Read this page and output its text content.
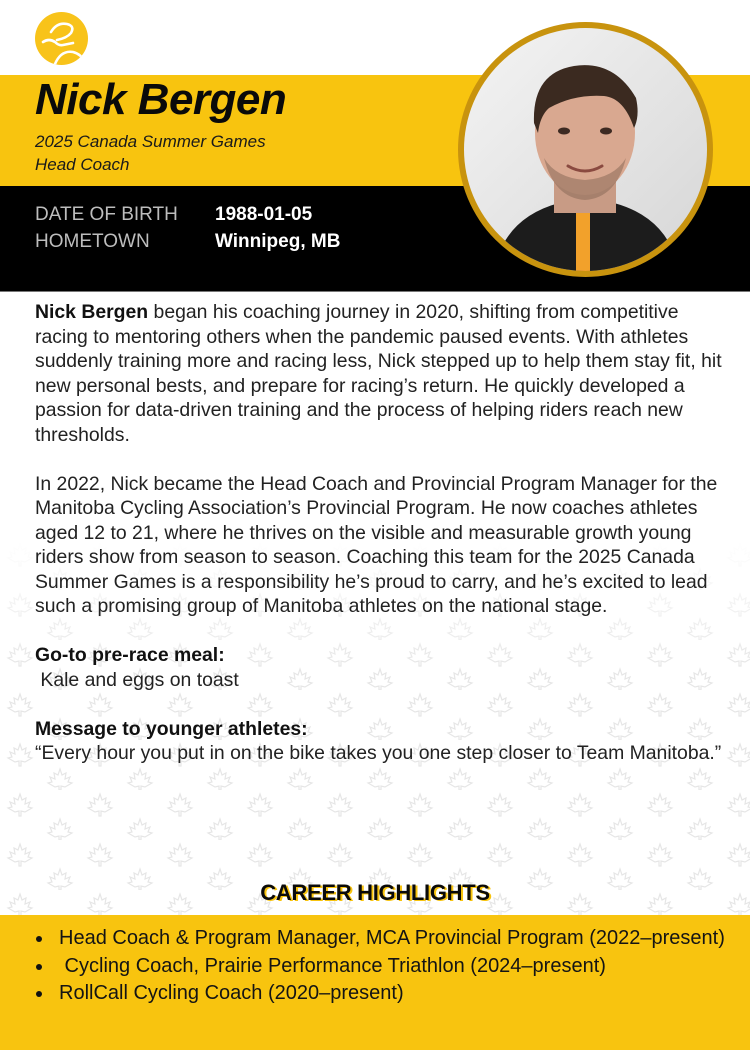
Nick Bergen
2025 Canada Summer Games
Head Coach
DATE OF BIRTH	1988-01-05
HOMETOWN	Winnipeg, MB

Nick Bergen began his coaching journey in 2020, shifting from competitive racing to mentoring others when the pandemic paused events. With athletes suddenly training more and racing less, Nick stepped up to help them stay fit, hit new personal bests, and prepare for racing’s return. He quickly developed a passion for data-driven training and the process of helping riders reach new thresholds.

In 2022, Nick became the Head Coach and Provincial Program Manager for the Manitoba Cycling Association’s Provincial Program. He now coaches athletes aged 12 to 21, where he thrives on the visible and measurable growth young riders show from season to season. Coaching this team for the 2025 Canada Summer Games is a responsibility he’s proud to carry, and he’s excited to lead such a promising group of Manitoba athletes on the national stage.

Go-to pre-race meal:
Kale and eggs on toast
Message to younger athletes:
“Every hour you put in on the bike takes you one step closer to Team Manitoba.”
CAREER HIGHLIGHTS
Head Coach & Program Manager, MCA Provincial Program (2022–present)
Cycling Coach, Prairie Performance Triathlon (2024–present)
RollCall Cycling Coach (2020–present)
